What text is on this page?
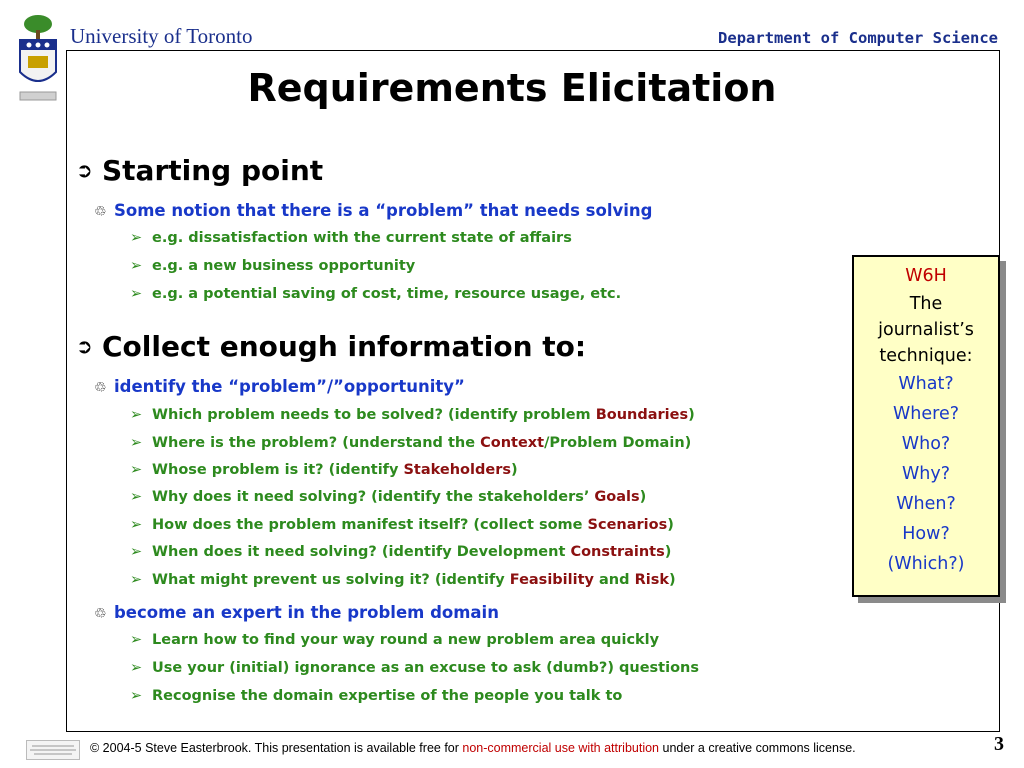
University of Toronto	Department of Computer Science
Requirements Elicitation
➲ Starting point
♲ Some notion that there is a “problem” that needs solving
➢ e.g. dissatisfaction with the current state of affairs
➢ e.g. a new business opportunity
➢ e.g. a potential saving of cost, time, resource usage, etc.
➲ Collect enough information to:
♲ identify the “problem”/”opportunity”
➢ Which problem needs to be solved? (identify problem Boundaries)
➢ Where is the problem? (understand the Context/Problem Domain)
➢ Whose problem is it? (identify Stakeholders)
➢ Why does it need solving? (identify the stakeholders’ Goals)
➢ How does the problem manifest itself? (collect some Scenarios)
➢ When does it need solving? (identify Development Constraints)
➢ What might prevent us solving it? (identify Feasibility and Risk)
♲ become an expert in the problem domain
➢ Learn how to find your way round a new problem area quickly
➢ Use your (initial) ignorance as an excuse to ask (dumb?) questions
➢ Recognise the domain expertise of the people you talk to
W6H
The
journalist’s
technique:
What?
Where?
Who?
Why?
When?
How?
(Which?)
© 2004-5 Steve Easterbrook. This presentation is available free for non-commercial use with attribution under a creative commons license.	3
